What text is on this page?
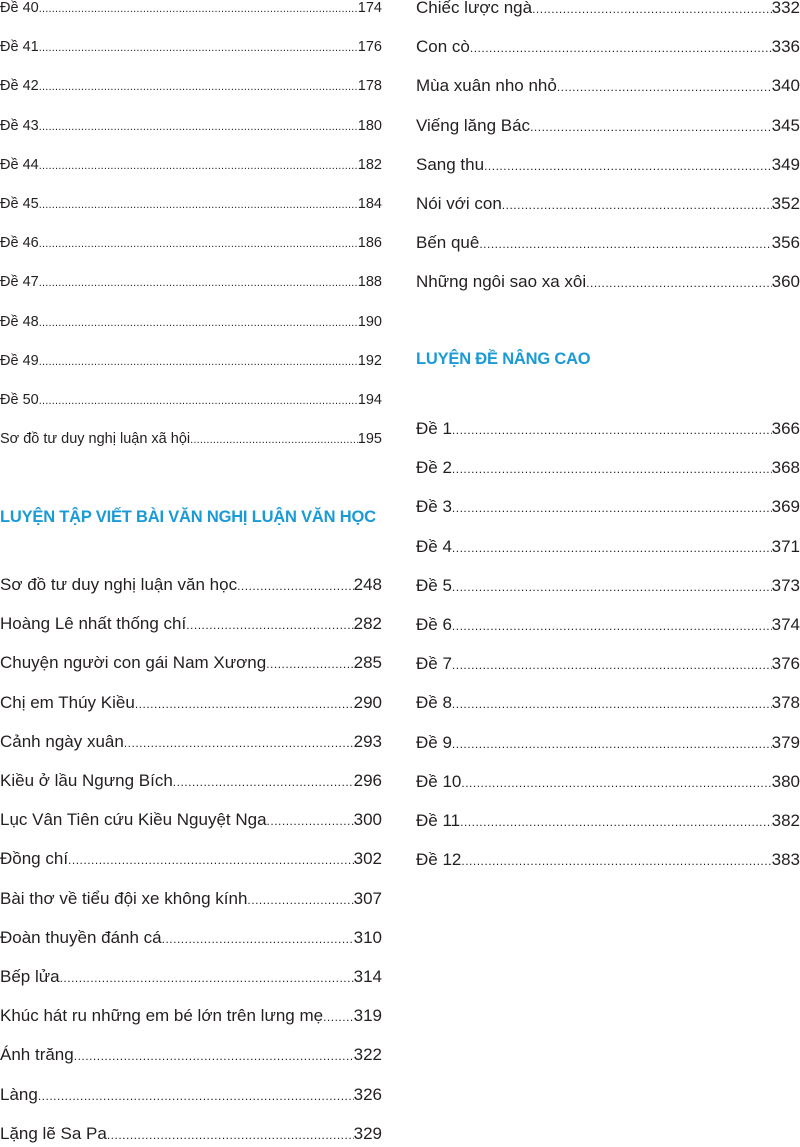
Đề 40 .....	174
Đề 41 .....	176
Đề 42 .....	178
Đề 43 .....	180
Đề 44 .....	182
Đề 45 .....	184
Đề 46 .....	186
Đề 47 .....	188
Đề 48 .....	190
Đề 49 .....	192
Đề 50 .....	194
Sơ đồ tư duy nghị luận xã hội .....	195
LUYỆN TẬP VIẾT BÀI VĂN NGHỊ LUẬN VĂN HỌC
Sơ đồ tư duy nghị luận văn học .....	248
Hoàng Lê nhất thống chí .....	282
Chuyện người con gái Nam Xương .....	285
Chị em Thúy Kiều .....	290
Cảnh ngày xuân .....	293
Kiều ở lầu Ngưng Bích .....	296
Lục Vân Tiên cứu Kiều Nguyệt Nga .....	300
Đồng chí .....	302
Bài thơ về tiểu đội xe không kính .....	307
Đoàn thuyền đánh cá .....	310
Bếp lửa .....	314
Khúc hát ru những em bé lớn trên lưng mẹ ..... 319
Ánh trăng .....	322
Làng .....	326
Lặng lẽ Sa Pa .....	329
Chiếc lược ngà .....	332
Con cò .....	336
Mùa xuân nho nhỏ .....	340
Viếng lăng Bác .....	345
Sang thu .....	349
Nói với con .....	352
Bến quê .....	356
Những ngôi sao xa xôi .....	360
LUYỆN ĐỀ NÂNG CAO
Đề 1 .....	366
Đề 2 .....	368
Đề 3 .....	369
Đề 4 .....	371
Đề 5 .....	373
Đề 6 .....	374
Đề 7 .....	376
Đề 8 .....	378
Đề 9 .....	379
Đề 10 .....	380
Đề 11 .....	382
Đề 12 .....	383
